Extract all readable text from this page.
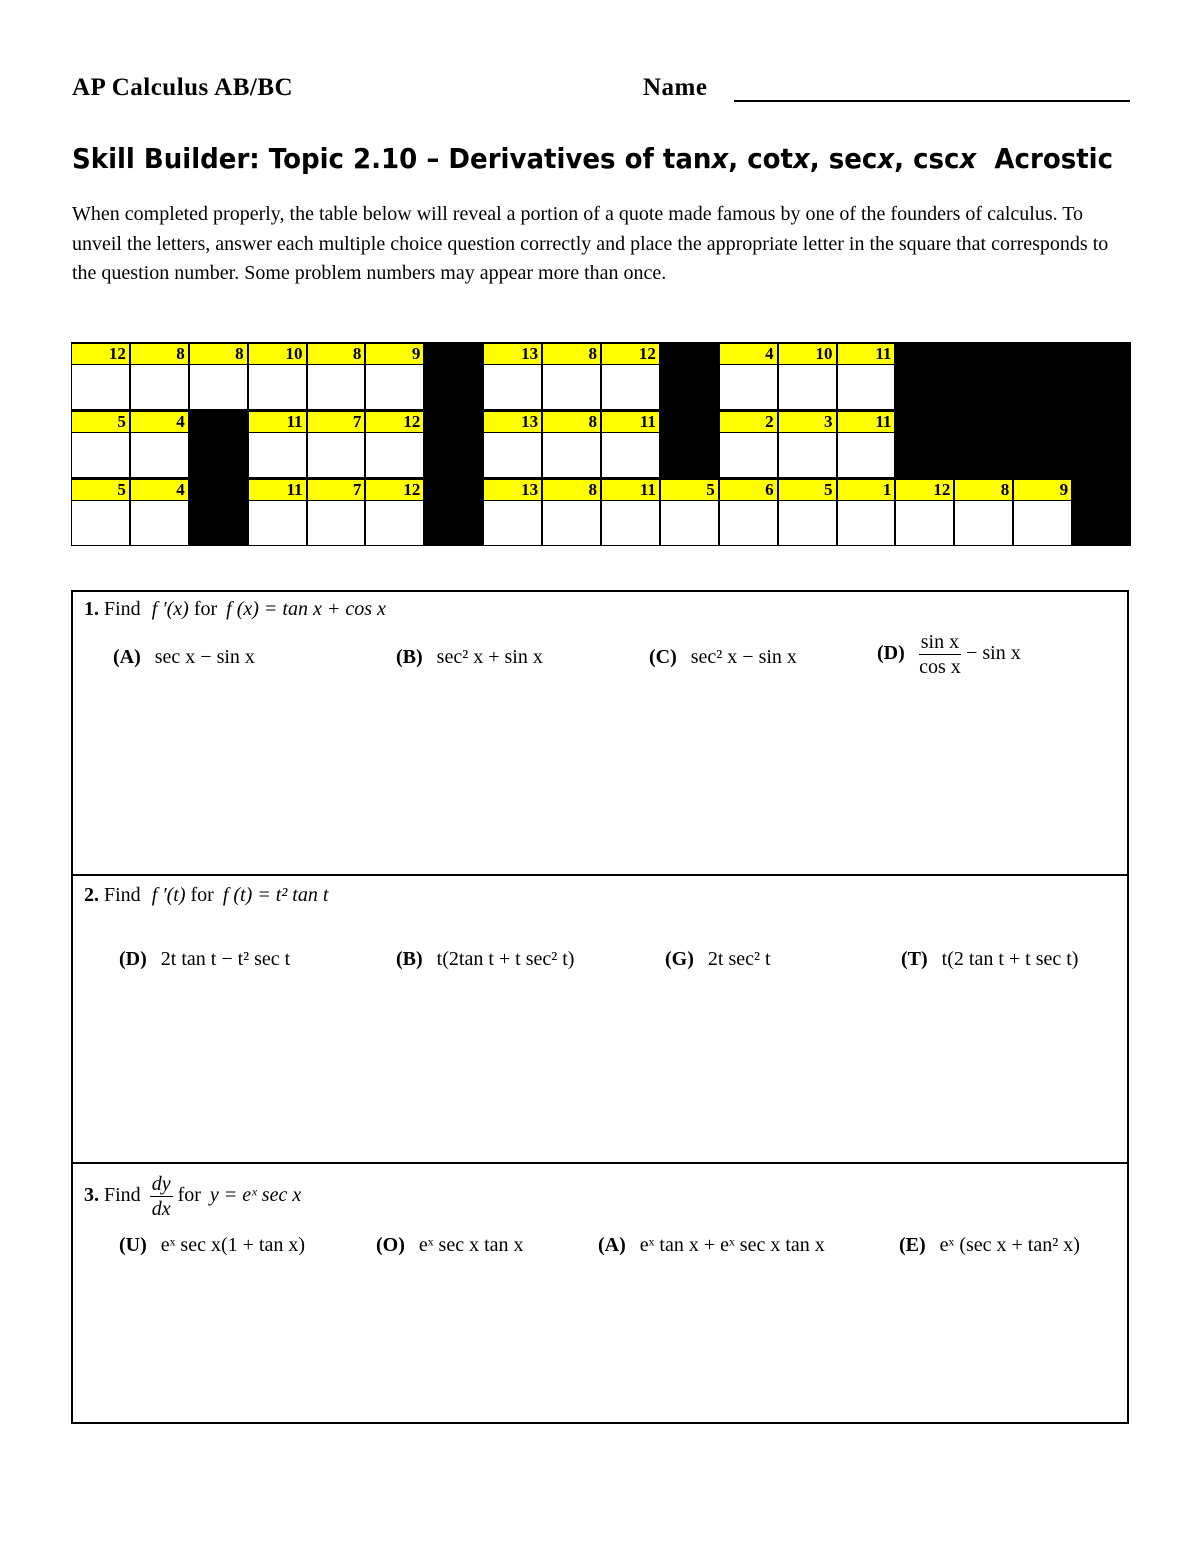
AP Calculus AB/BC	Name
Skill Builder: Topic 2.10 – Derivatives of tanx, cotx, secx, cscx Acrostic
When completed properly, the table below will reveal a portion of a quote made famous by one of the founders of calculus. To unveil the letters, answer each multiple choice question correctly and place the appropriate letter in the square that corresponds to the question number. Some problem numbers may appear more than once.
12	8	8	10	8	9	13	8	12	4	10	11
5	4	11	7	12	13	8	11	2	3	11
5	4	11	7	12	13	8	11	5	6	5	1	12	8	9
1. Find f ′(x) for f (x) = tan x + cos x
(A) sec x − sin x	(B) sec² x + sin x	(C) sec² x − sin x	$(D) \frac{\text{sin x}}{\text{cos x}} - \sin x$
2. Find f ′(t) for f (t) = t² tan t
(D) 2t tan t − t² sec t	(B) t(2tan t + t sec² t)	(G) 2t sec² t	(T) t(2 tan t + t sec t)
3. Find $\frac{dy}{dx}$ for y = eˣ sec x
(U) eˣ sec x(1 + tan x)	(O) eˣ sec x tan x	(A) eˣ tan x + eˣ sec x tan x	(E) eˣ (sec x + tan² x)
